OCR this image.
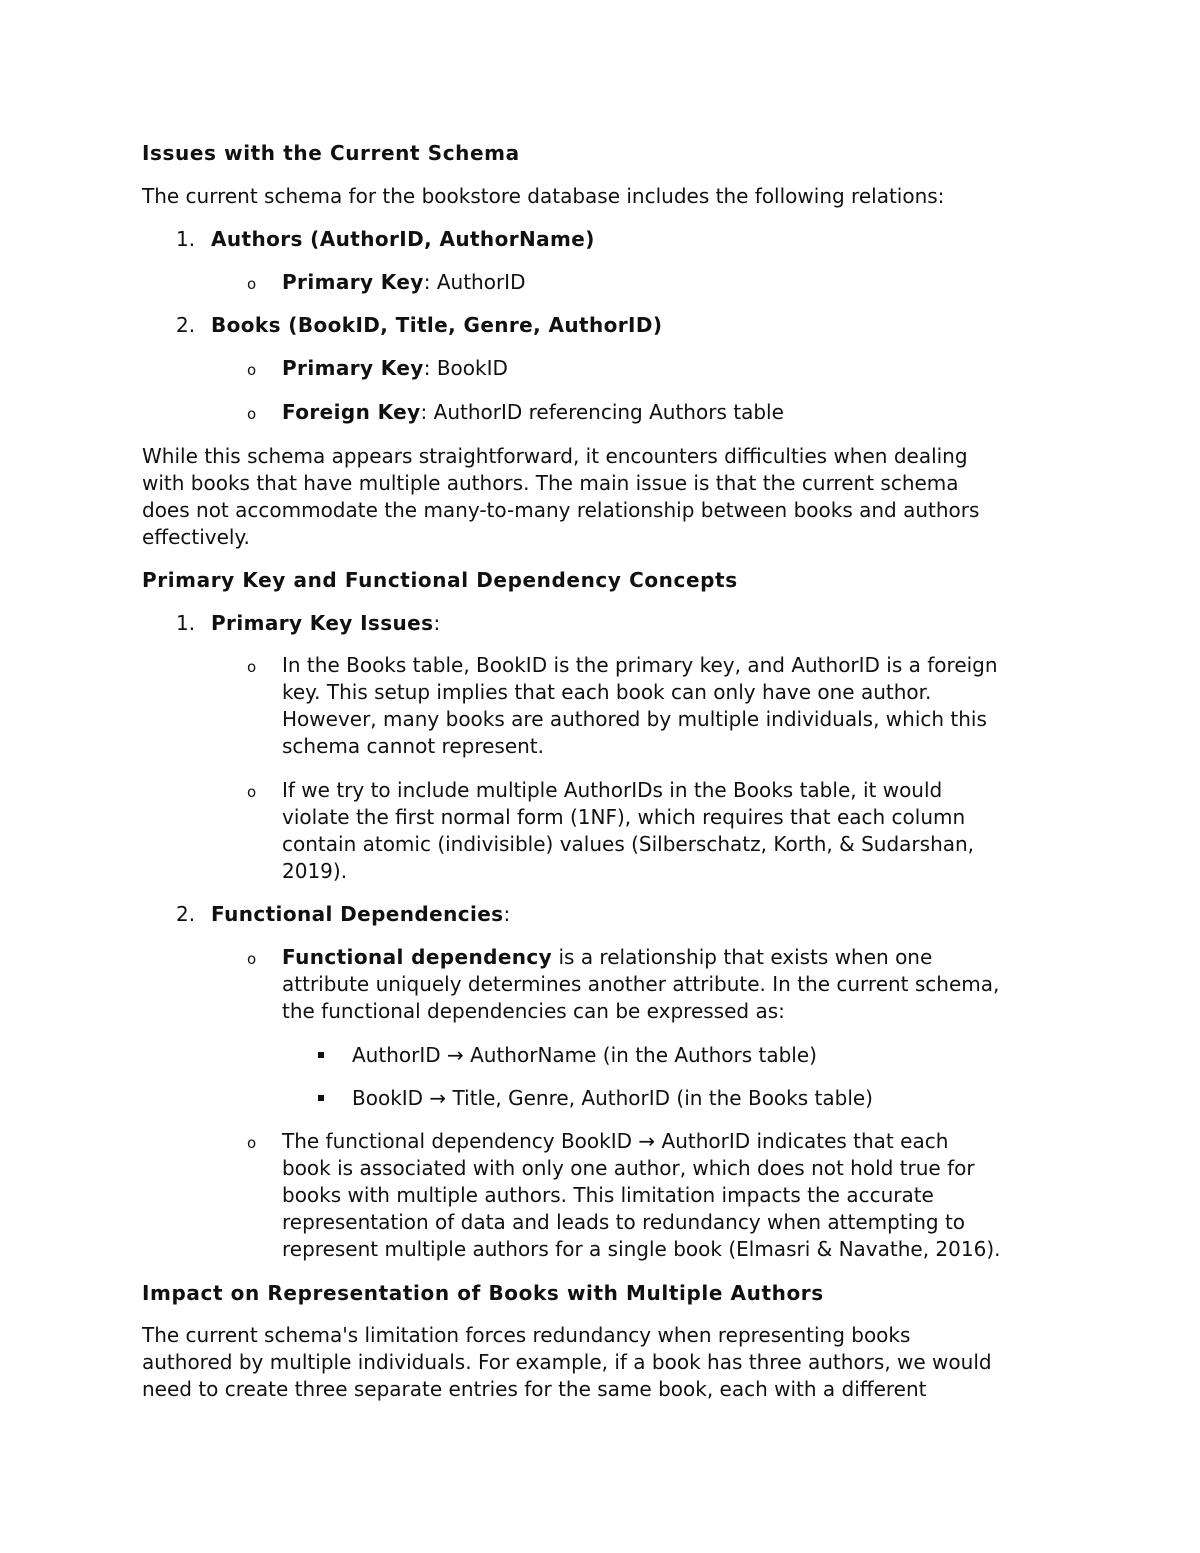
Issues with the Current Schema
The current schema for the bookstore database includes the following relations:
1. Authors (AuthorID, AuthorName)
o Primary Key: AuthorID
2. Books (BookID, Title, Genre, AuthorID)
o Primary Key: BookID
o Foreign Key: AuthorID referencing Authors table
While this schema appears straightforward, it encounters difficulties when dealing
with books that have multiple authors. The main issue is that the current schema
does not accommodate the many-to-many relationship between books and authors
effectively.
Primary Key and Functional Dependency Concepts
1. Primary Key Issues:
o In the Books table, BookID is the primary key, and AuthorID is a foreign
key. This setup implies that each book can only have one author.
However, many books are authored by multiple individuals, which this
schema cannot represent.
o If we try to include multiple AuthorIDs in the Books table, it would
violate the first normal form (1NF), which requires that each column
contain atomic (indivisible) values (Silberschatz, Korth, & Sudarshan,
2019).
2. Functional Dependencies:
o Functional dependency is a relationship that exists when one
attribute uniquely determines another attribute. In the current schema,
the functional dependencies can be expressed as:
AuthorID → AuthorName (in the Authors table)
BookID → Title, Genre, AuthorID (in the Books table)
o The functional dependency BookID → AuthorID indicates that each
book is associated with only one author, which does not hold true for
books with multiple authors. This limitation impacts the accurate
representation of data and leads to redundancy when attempting to
represent multiple authors for a single book (Elmasri & Navathe, 2016).
Impact on Representation of Books with Multiple Authors
The current schema's limitation forces redundancy when representing books
authored by multiple individuals. For example, if a book has three authors, we would
need to create three separate entries for the same book, each with a different
